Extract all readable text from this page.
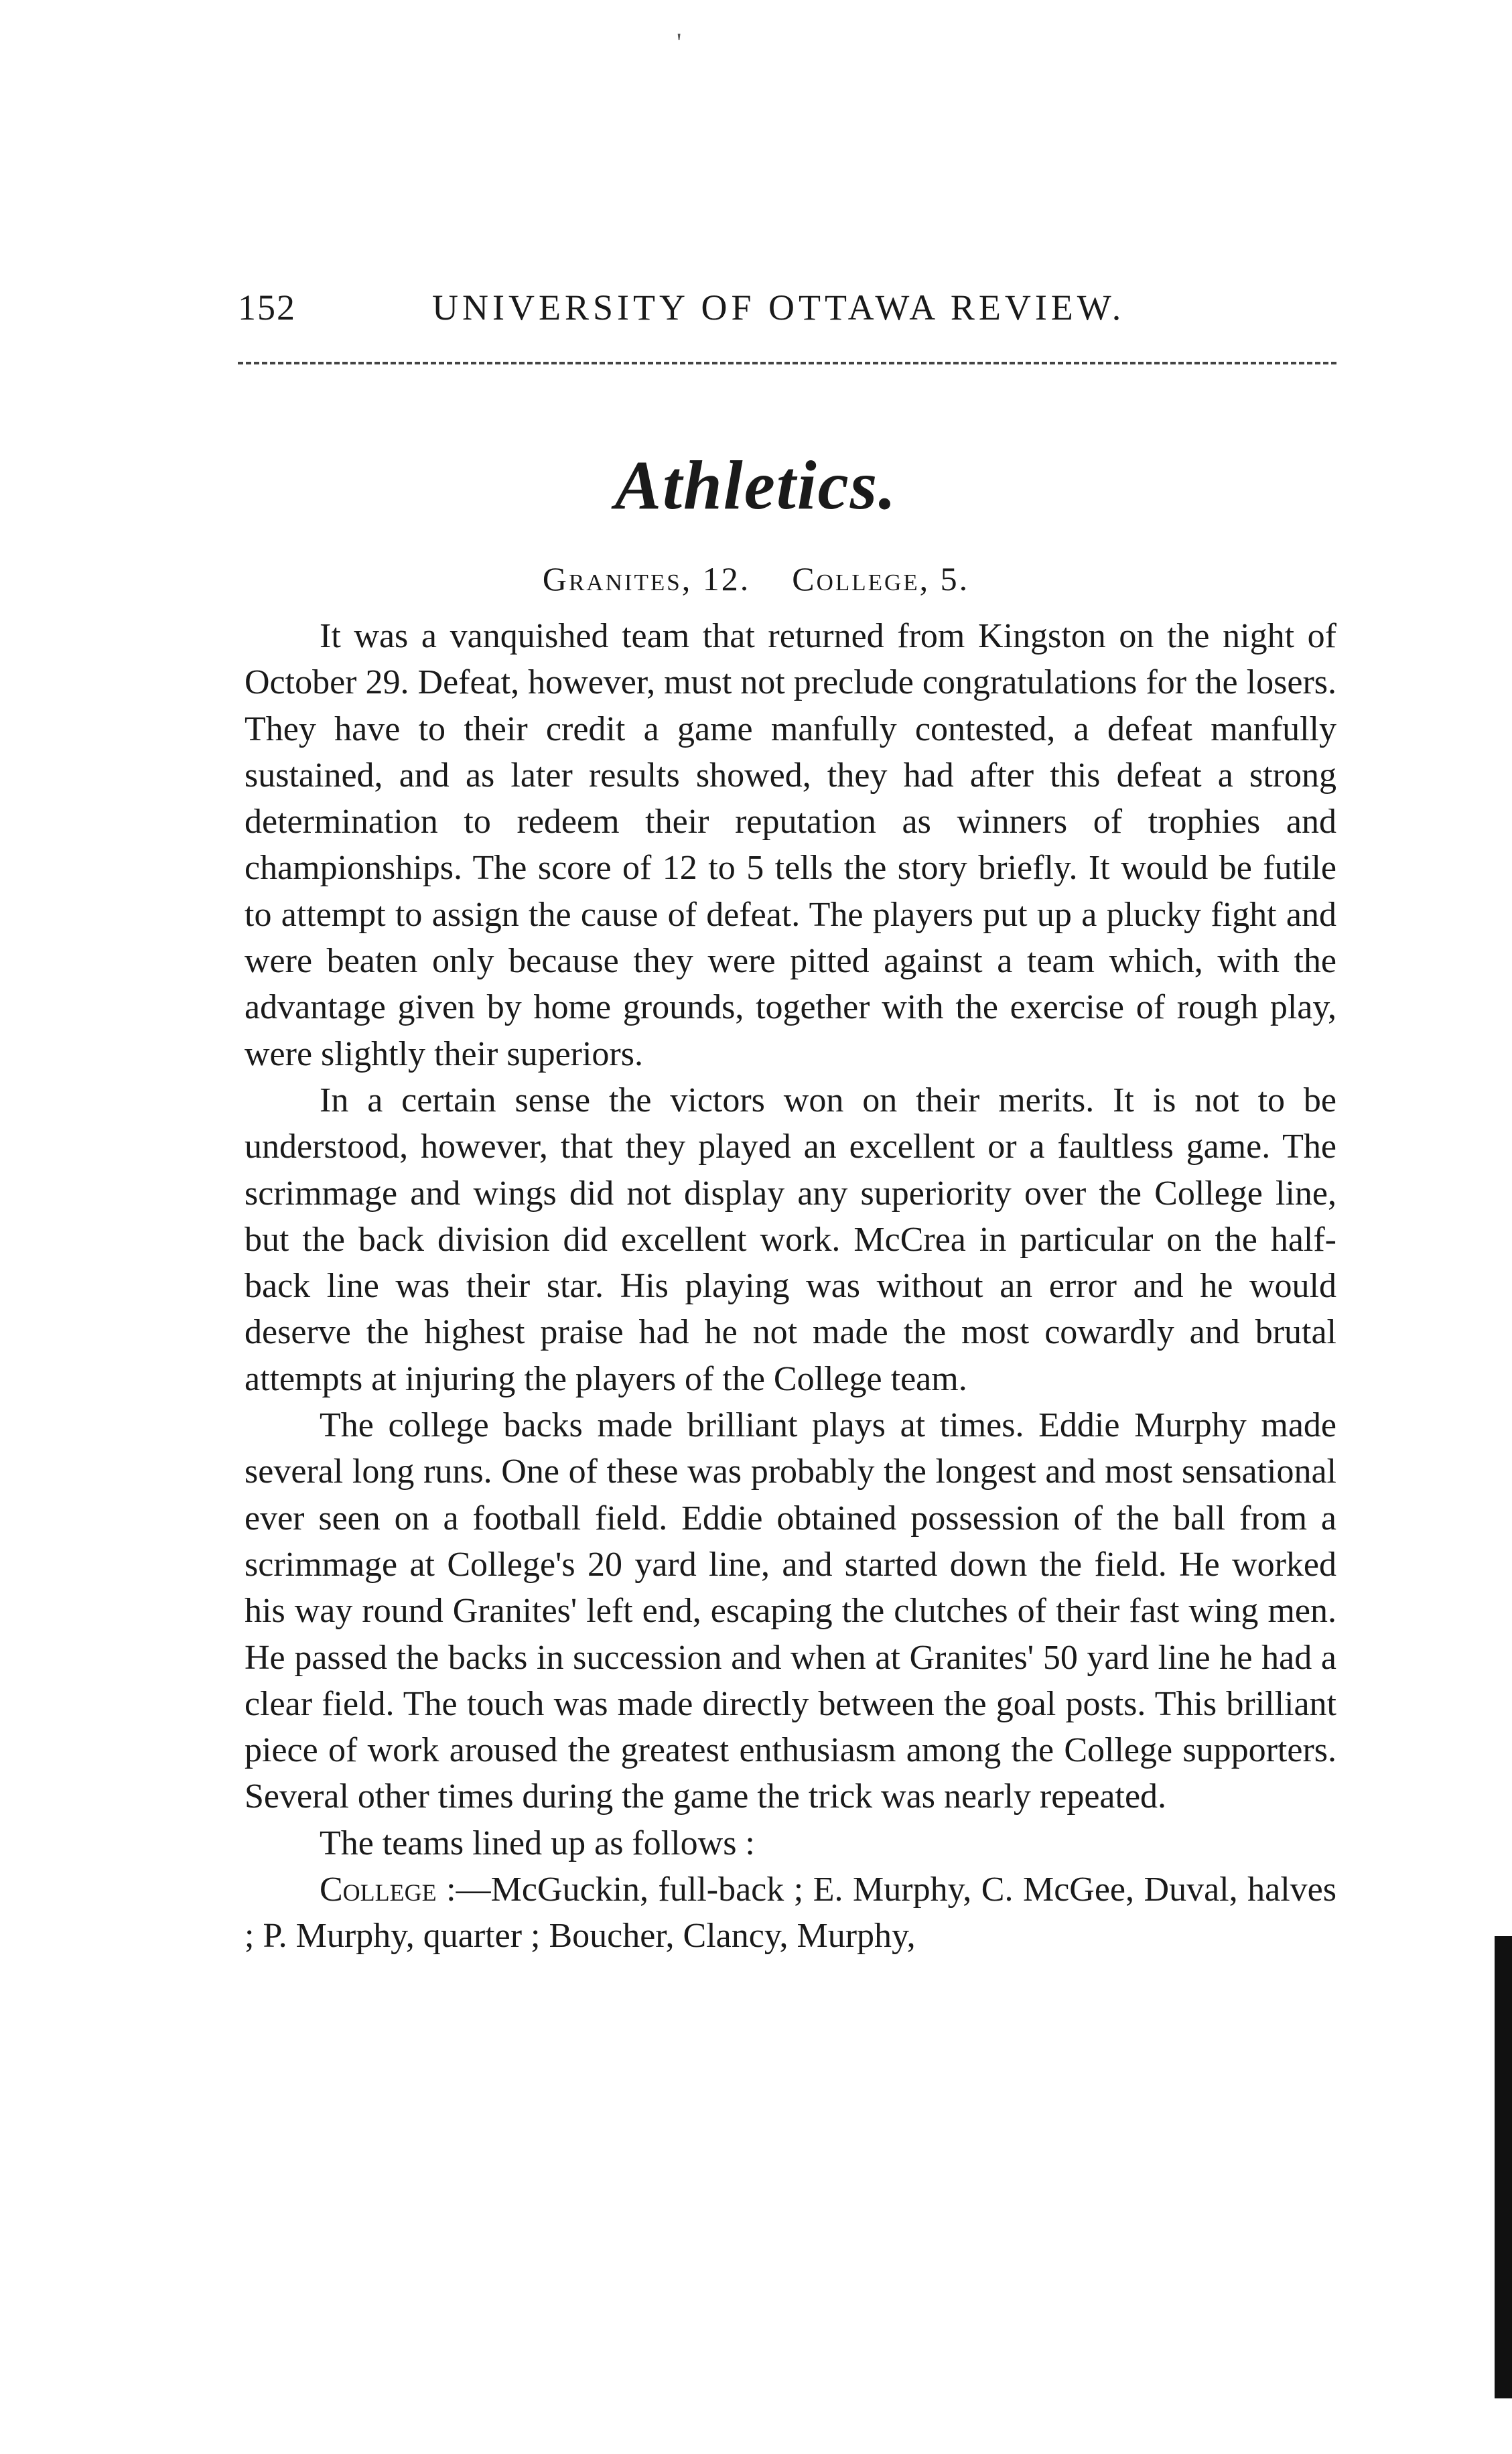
'
152	UNIVERSITY OF OTTAWA REVIEW.
Athletics.
Granites, 12. College, 5.

It was a vanquished team that returned from Kingston on the night of October 29. Defeat, however, must not preclude congratulations for the losers. They have to their credit a game manfully contested, a defeat manfully sustained, and as later results showed, they had after this defeat a strong determination to redeem their reputation as winners of trophies and championships. The score of 12 to 5 tells the story briefly. It would be futile to attempt to assign the cause of defeat. The players put up a plucky fight and were beaten only because they were pitted against a team which, with the advantage given by home grounds, together with the exercise of rough play, were slightly their superiors.

In a certain sense the victors won on their merits. It is not to be understood, however, that they played an excellent or a faultless game. The scrimmage and wings did not display any superiority over the College line, but the back division did excellent work. McCrea in particular on the half-back line was their star. His playing was without an error and he would deserve the highest praise had he not made the most cowardly and brutal attempts at injuring the players of the College team.

The college backs made brilliant plays at times. Eddie Murphy made several long runs. One of these was probably the longest and most sensational ever seen on a football field. Eddie obtained possession of the ball from a scrimmage at College's 20 yard line, and started down the field. He worked his way round Granites' left end, escaping the clutches of their fast wing men. He passed the backs in succession and when at Granites' 50 yard line he had a clear field. The touch was made directly between the goal posts. This brilliant piece of work aroused the greatest enthusiasm among the College supporters. Several other times during the game the trick was nearly repeated.

The teams lined up as follows :

College :—McGuckin, full-back ; E. Murphy, C. McGee, Duval, halves ; P. Murphy, quarter ; Boucher, Clancy, Murphy,
